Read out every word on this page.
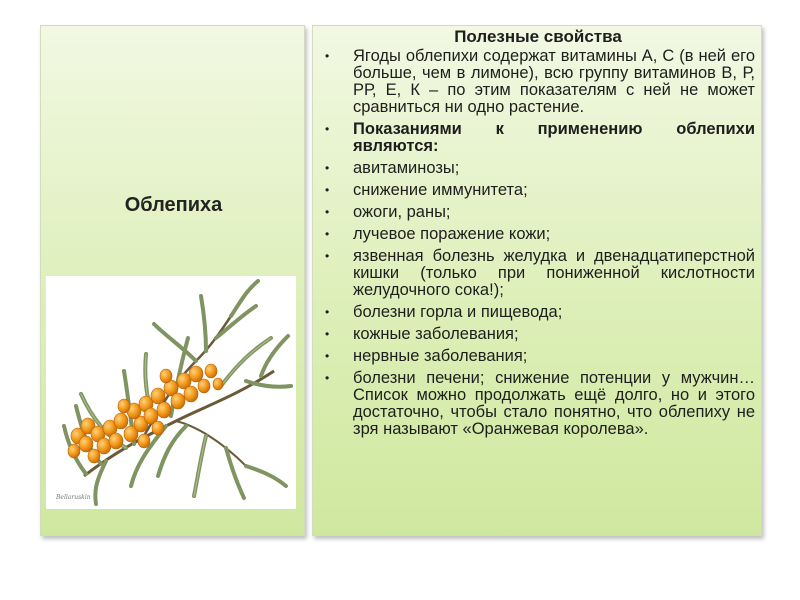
Облепиха
Bellaruskin
Полезные свойства
• Ягоды облепихи содержат витамины А, С (в ней его больше, чем в лимоне), всю группу витаминов В, Р, РР, Е, К – по этим показателям с ней не может сравниться ни одно растение.
• Показаниями к применению облепихи являются:
• авитаминозы;
• снижение иммунитета;
• ожоги, раны;
• лучевое поражение кожи;
• язвенная болезнь желудка и двенадцатиперстной кишки (только при пониженной кислотности желудочного сока!);
• болезни горла и пищевода;
• кожные заболевания;
• нервные заболевания;
• болезни печени; снижение потенции у мужчин… Список можно продолжать ещё долго, но и этого достаточно, чтобы стало понятно, что облепиху не зря называют «Оранжевая королева».
